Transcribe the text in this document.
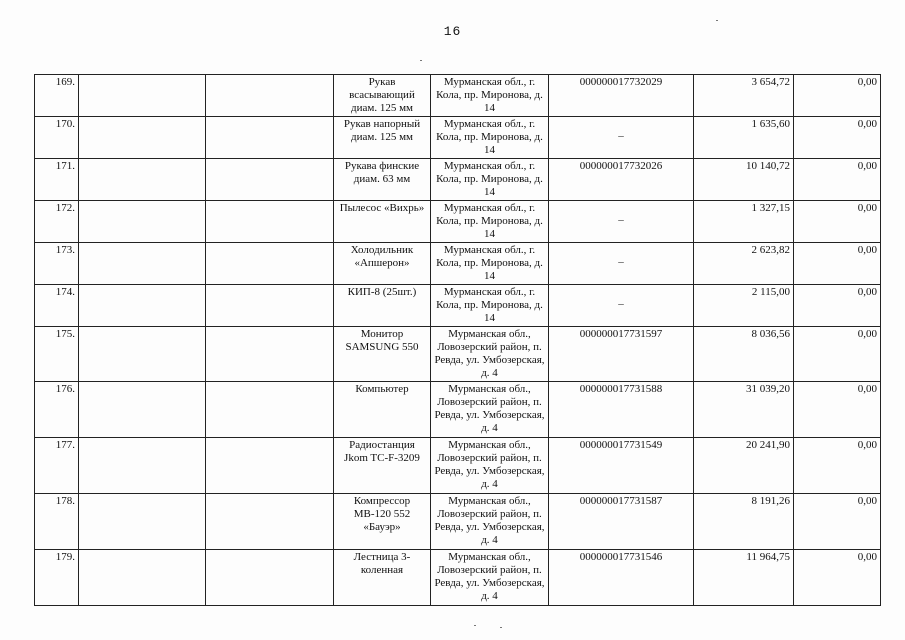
16
169.			Рукав всасывающий диам. 125 мм	Мурманская обл., г. Кола, пр. Миронова, д. 14	000000017732029	3 654,72	0,00
170.			Рукав напорный диам. 125 мм	Мурманская обл., г. Кола, пр. Миронова, д. 14	–	1 635,60	0,00
171.			Рукава финские диам. 63 мм	Мурманская обл., г. Кола, пр. Миронова, д. 14	000000017732026	10 140,72	0,00
172.			Пылесос «Вихрь»	Мурманская обл., г. Кола, пр. Миронова, д. 14	–	1 327,15	0,00
173.			Холодильник «Апшерон»	Мурманская обл., г. Кола, пр. Миронова, д. 14	–	2 623,82	0,00
174.			КИП-8 (25шт.)	Мурманская обл., г. Кола, пр. Миронова, д. 14	–	2 115,00	0,00
175.			Монитор SAMSUNG 550	Мурманская обл., Ловозерский район, п. Ревда, ул. Умбозерская, д. 4	000000017731597	8 036,56	0,00
176.			Компьютер	Мурманская обл., Ловозерский район, п. Ревда, ул. Умбозерская, д. 4	000000017731588	31 039,20	0,00
177.			Радиостанция Jkom TC-F-3209	Мурманская обл., Ловозерский район, п. Ревда, ул. Умбозерская, д. 4	000000017731549	20 241,90	0,00
178.			Компрессор МВ-120 552 «Бауэр»	Мурманская обл., Ловозерский район, п. Ревда, ул. Умбозерская, д. 4	000000017731587	8 191,26	0,00
179.			Лестница 3-коленная	Мурманская обл., Ловозерский район, п. Ревда, ул. Умбозерская, д. 4	000000017731546	11 964,75	0,00
